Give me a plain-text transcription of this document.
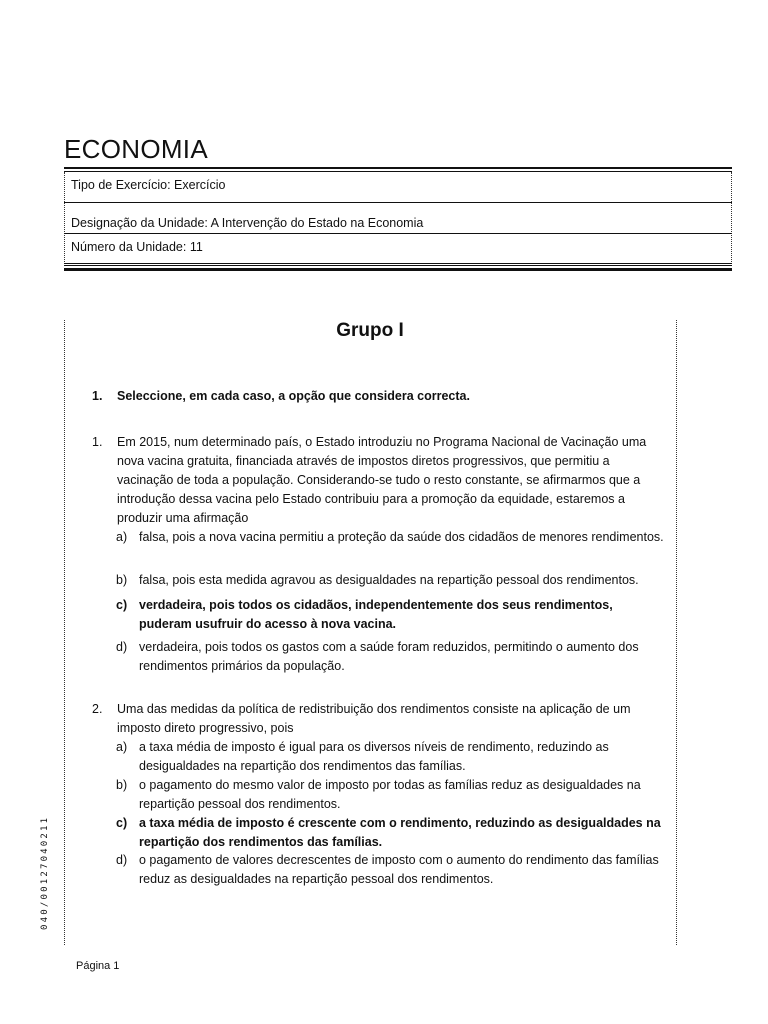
ECONOMIA
Tipo de Exercício: Exercício
Designação da Unidade: A Intervenção do Estado na Economia
Número da Unidade: 11
Grupo I
1. Seleccione, em cada caso, a opção que considera correcta.
1. Em 2015, num determinado país, o Estado introduziu no Programa Nacional de Vacinação uma nova vacina gratuita, financiada através de impostos diretos progressivos, que permitiu a vacinação de toda a população. Considerando-se tudo o resto constante, se afirmarmos que a introdução dessa vacina pelo Estado contribuiu para a promoção da equidade, estaremos a produzir uma afirmação
a) falsa, pois a nova vacina permitiu a proteção da saúde dos cidadãos de menores rendimentos.
b) falsa, pois esta medida agravou as desigualdades na repartição pessoal dos rendimentos.
c) verdadeira, pois todos os cidadãos, independentemente dos seus rendimentos, puderam usufruir do acesso à nova vacina.
d) verdadeira, pois todos os gastos com a saúde foram reduzidos, permitindo o aumento dos rendimentos primários da população.
2. Uma das medidas da política de redistribuição dos rendimentos consiste na aplicação de um imposto direto progressivo, pois
a) a taxa média de imposto é igual para os diversos níveis de rendimento, reduzindo as desigualdades na repartição dos rendimentos das famílias.
b) o pagamento do mesmo valor de imposto por todas as famílias reduz as desigualdades na repartição pessoal dos rendimentos.
c) a taxa média de imposto é crescente com o rendimento, reduzindo as desigualdades na repartição dos rendimentos das famílias.
d) o pagamento de valores decrescentes de imposto com o aumento do rendimento das famílias reduz as desigualdades na repartição pessoal dos rendimentos.
040/00127040211
Página 1
